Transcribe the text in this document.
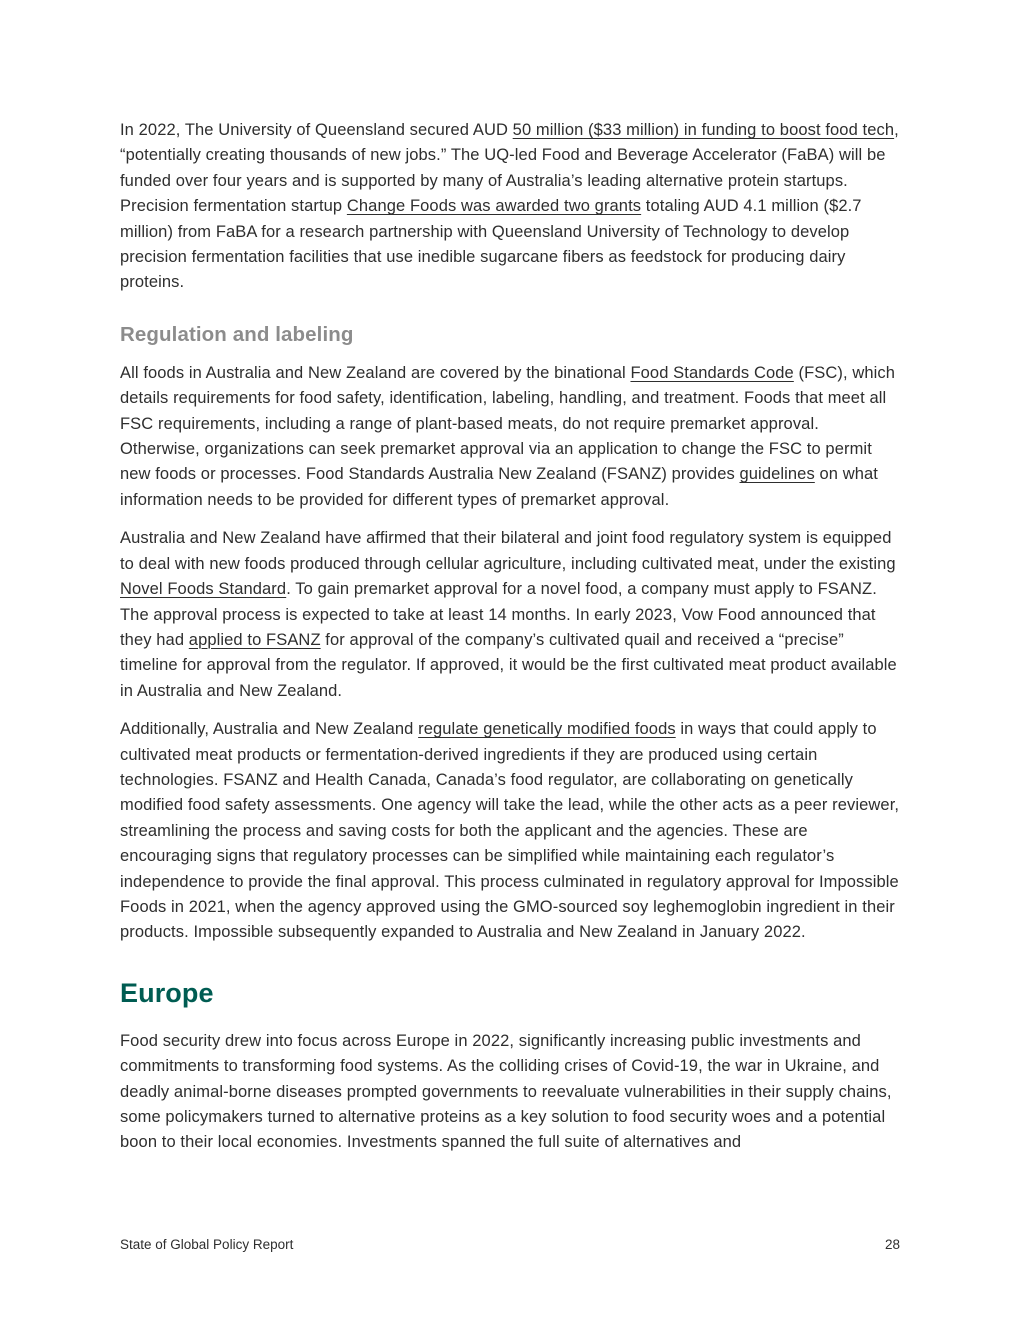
In 2022, The University of Queensland secured AUD 50 million ($33 million) in funding to boost food tech, “potentially creating thousands of new jobs.” The UQ-led Food and Beverage Accelerator (FaBA) will be funded over four years and is supported by many of Australia’s leading alternative protein startups. Precision fermentation startup Change Foods was awarded two grants totaling AUD 4.1 million ($2.7 million) from FaBA for a research partnership with Queensland University of Technology to develop precision fermentation facilities that use inedible sugarcane fibers as feedstock for producing dairy proteins.

Regulation and labeling

All foods in Australia and New Zealand are covered by the binational Food Standards Code (FSC), which details requirements for food safety, identification, labeling, handling, and treatment. Foods that meet all FSC requirements, including a range of plant-based meats, do not require premarket approval. Otherwise, organizations can seek premarket approval via an application to change the FSC to permit new foods or processes. Food Standards Australia New Zealand (FSANZ) provides guidelines on what information needs to be provided for different types of premarket approval.

Australia and New Zealand have affirmed that their bilateral and joint food regulatory system is equipped to deal with new foods produced through cellular agriculture, including cultivated meat, under the existing Novel Foods Standard. To gain premarket approval for a novel food, a company must apply to FSANZ. The approval process is expected to take at least 14 months. In early 2023, Vow Food announced that they had applied to FSANZ for approval of the company’s cultivated quail and received a “precise” timeline for approval from the regulator. If approved, it would be the first cultivated meat product available in Australia and New Zealand.

Additionally, Australia and New Zealand regulate genetically modified foods in ways that could apply to cultivated meat products or fermentation-derived ingredients if they are produced using certain technologies. FSANZ and Health Canada, Canada’s food regulator, are collaborating on genetically modified food safety assessments. One agency will take the lead, while the other acts as a peer reviewer, streamlining the process and saving costs for both the applicant and the agencies. These are encouraging signs that regulatory processes can be simplified while maintaining each regulator’s independence to provide the final approval. This process culminated in regulatory approval for Impossible Foods in 2021, when the agency approved using the GMO-sourced soy leghemoglobin ingredient in their products. Impossible subsequently expanded to Australia and New Zealand in January 2022.

Europe

Food security drew into focus across Europe in 2022, significantly increasing public investments and commitments to transforming food systems. As the colliding crises of Covid-19, the war in Ukraine, and deadly animal-borne diseases prompted governments to reevaluate vulnerabilities in their supply chains, some policymakers turned to alternative proteins as a key solution to food security woes and a potential boon to their local economies. Investments spanned the full suite of alternatives and

State of Global Policy Report	28
